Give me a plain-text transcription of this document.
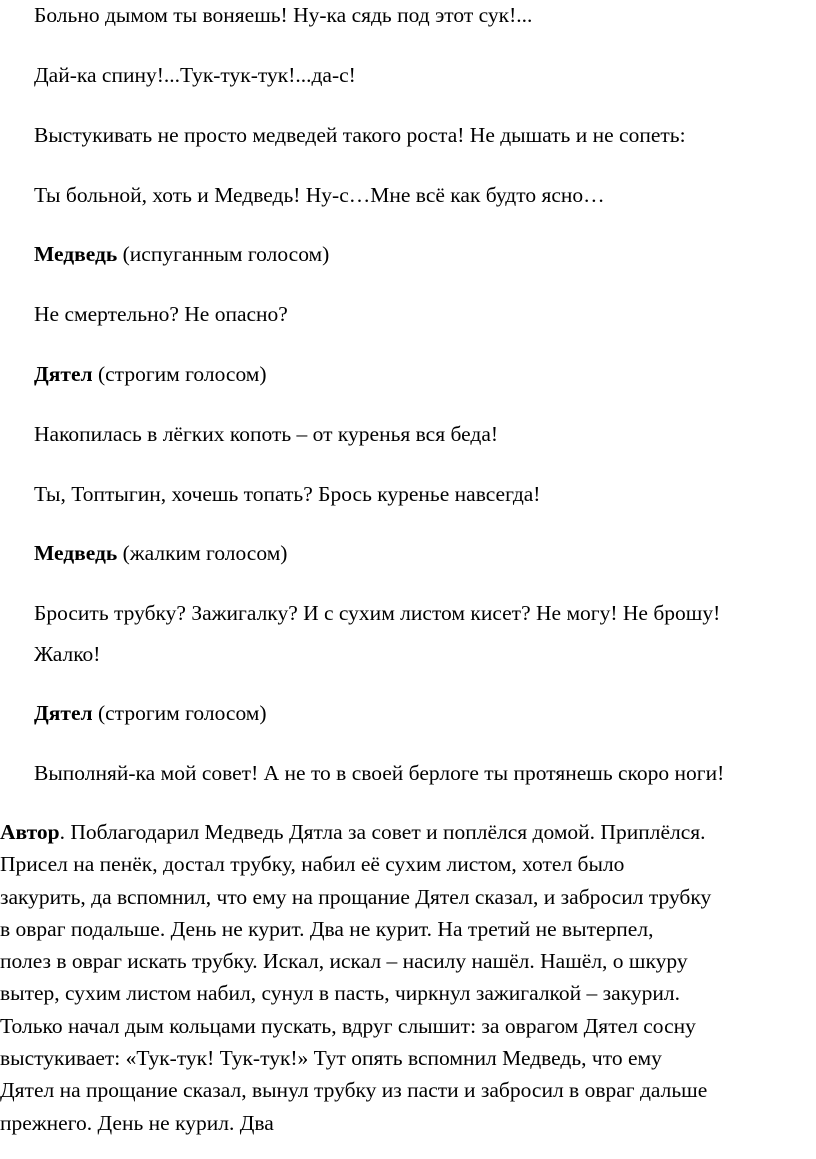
Больно дымом ты воняешь! Ну-ка сядь под этот сук!...
Дай-ка спину!...Тук-тук-тук!...да-с!
Выстукивать не просто медведей такого роста! Не дышать и не сопеть:
Ты больной, хоть и Медведь! Ну-с…Мне всё как будто ясно…
Медведь (испуганным голосом)
Не смертельно? Не опасно?
Дятел (строгим голосом)
Накопилась в лёгких копоть – от куренья вся беда!
Ты, Топтыгин, хочешь топать? Брось куренье навсегда!
Медведь (жалким голосом)
Бросить трубку? Зажигалку? И с сухим листом кисет? Не могу! Не брошу!
Жалко!
Дятел (строгим голосом)
Выполняй-ка мой совет! А не то в своей берлоге ты протянешь скоро ноги!
Автор. Поблагодарил Медведь Дятла за совет и поплёлся домой. Приплёлся.
Присел на пенёк, достал трубку, набил её сухим листом, хотел было
закурить, да вспомнил, что ему на прощание Дятел сказал, и забросил трубку
в овраг подальше. День не курит. Два не курит. На третий не вытерпел,
полез в овраг искать трубку. Искал, искал – насилу нашёл. Нашёл, о шкуру
вытер, сухим листом набил, сунул в пасть, чиркнул зажигалкой – закурил.
Только начал дым кольцами пускать, вдруг слышит: за оврагом Дятел сосну
выстукивает: «Тук-тук! Тук-тук!» Тут опять вспомнил Медведь, что ему
Дятел на прощание сказал, вынул трубку из пасти и забросил в овраг дальше
прежнего. День не курил. Два
